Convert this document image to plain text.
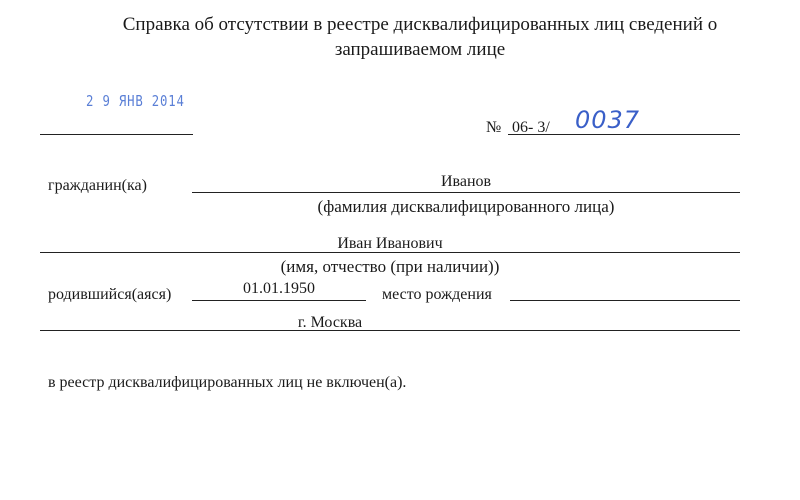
Справка об отсутствии в реестре дисквалифицированных лиц сведений о
запрашиваемом лице
2 9 ЯНВ 2014
№ 06- 3/ 0037
гражданин(ка)	Иванов
(фамилия дисквалифицированного лица)
Иван Иванович
(имя, отчество (при наличии))
родившийся(аяся)	01.01.1950	место рождения
г. Москва
в реестр дисквалифицированных лиц не включен(а).
